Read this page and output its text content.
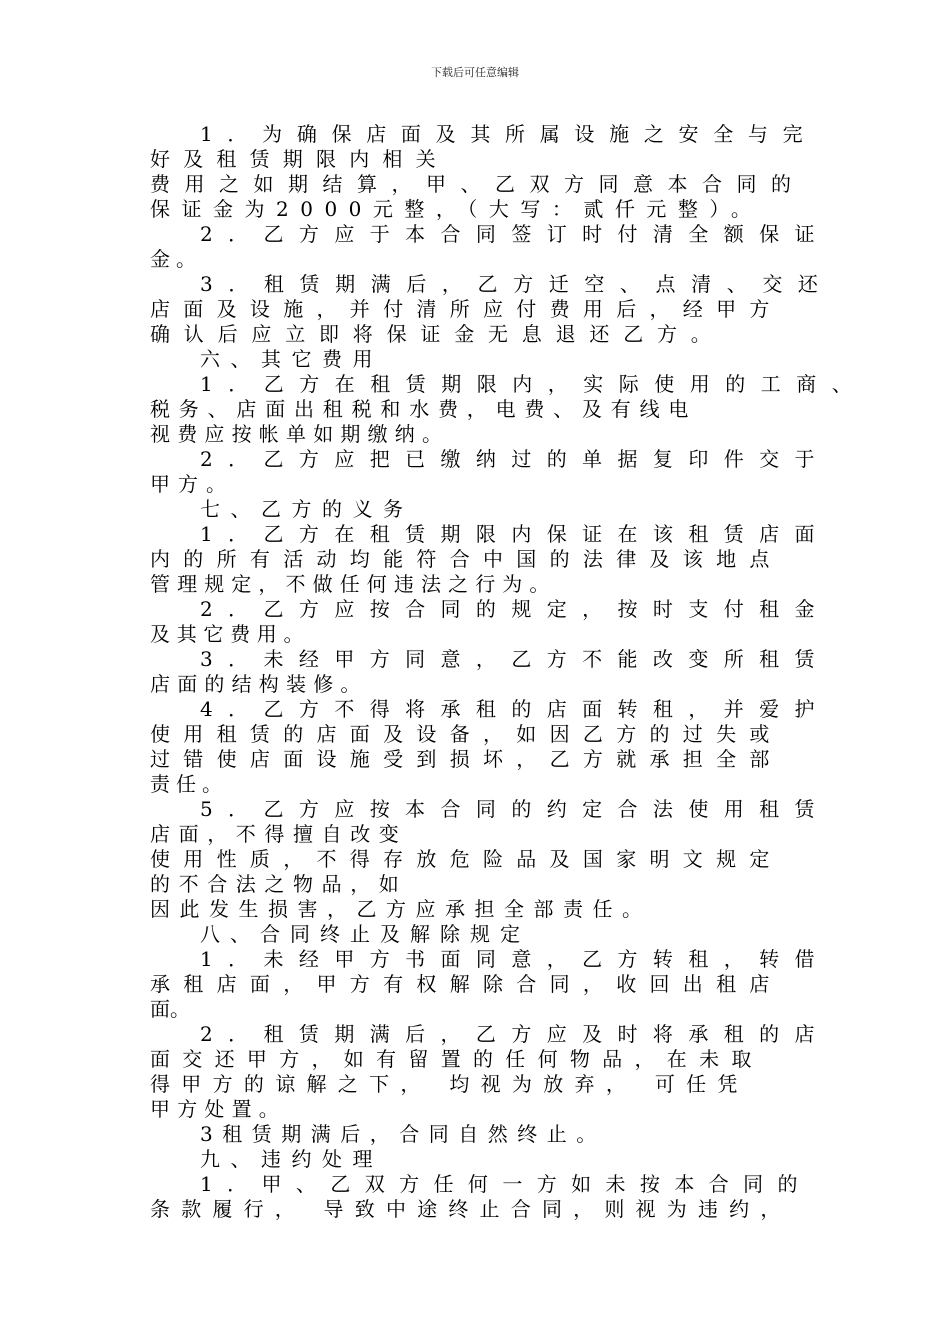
下载后可任意编辑
1．为确保店面及其所属设施之安全与完
好及租赁期限内相关
费用之如期结算，甲、乙双方同意本合同的
保证金为2000元整，（大写：贰仟元整）。
2．乙方应于本合同签订时付清全额保证
金。
3．租赁期满后，乙方迁空、点清、交还
店面及设施，并付清所应付费用后，经甲方
确认后应立即将保证金无息退还乙方。
六、其它费用
1．乙方在租赁期限内，实际使用的工商、
税务、店面出租税和水费，电费、及有线电
视费应按帐单如期缴纳。
2．乙方应把已缴纳过的单据复印件交于
甲方。
七、乙方的义务
1．乙方在租赁期限内保证在该租赁店面
内的所有活动均能符合中国的法律及该地点
管理规定，不做任何违法之行为。
2．乙方应按合同的规定，按时支付租金
及其它费用。
3．未经甲方同意，乙方不能改变所租赁
店面的结构装修。
4．乙方不得将承租的店面转租，并爱护
使用租赁的店面及设备，如因乙方的过失或
过错使店面设施受到损坏，乙方就承担全部
责任。
5．乙方应按本合同的约定合法使用租赁
店面，不得擅自改变
使用性质，不得存放危险品及国家明文规定
的不合法之物品，如
因此发生损害，乙方应承担全部责任。
八、合同终止及解除规定
1．未经甲方书面同意，乙方转租，转借
承租店面，甲方有权解除合同，收回出租店
面。
2．租赁期满后，乙方应及时将承租的店
面交还甲方，如有留置的任何物品，在未取
得甲方的谅解之下， 均视为放弃， 可任凭
甲方处置。
3租赁期满后，合同自然终止。
九、违约处理
1．甲、乙双方任何一方如未按本合同的
条款履行， 导致中途终止合同，则视为违约，
